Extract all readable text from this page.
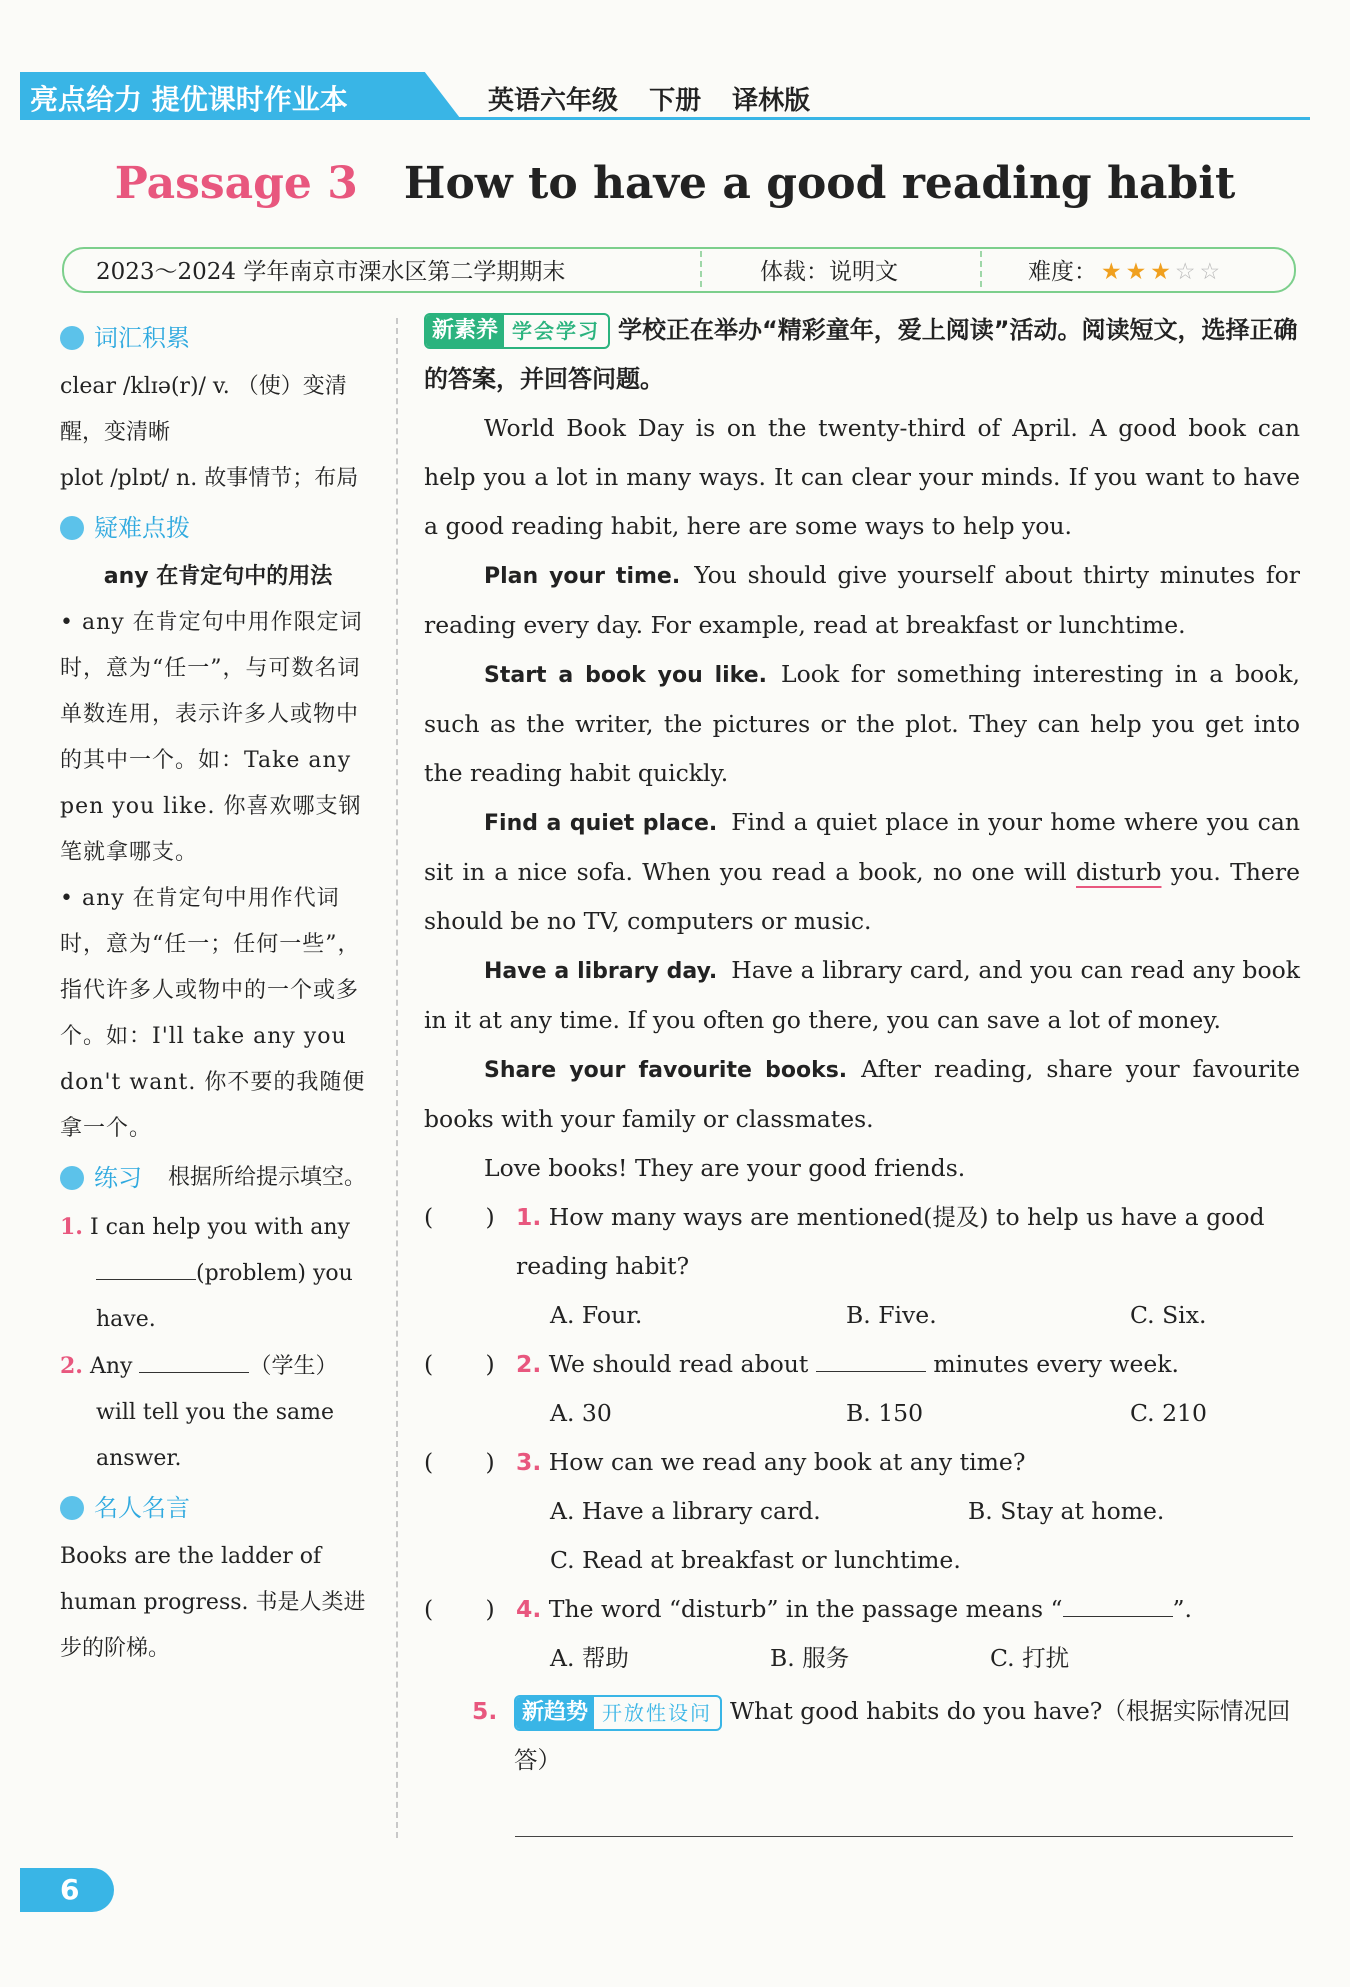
亮点给力 提优课时作业本	英语六年级 下册 译林版
Passage 3 How to have a good reading habit
2023～2024 学年南京市溧水区第二学期期末	体裁：说明文	难度： ★ ★ ★ ☆ ☆
词汇积累
clear /klɪə(r)/ v. （使）变清醒，变清晰
plot /plɒt/ n. 故事情节；布局
疑难点拨
any 在肯定句中的用法
• any 在肯定句中用作限定词时，意为“任一”，与可数名词单数连用，表示许多人或物中的其中一个。如：Take any pen you like. 你喜欢哪支钢笔就拿哪支。
• any 在肯定句中用作代词时，意为“任一；任何一些”，指代许多人或物中的一个或多个。如：I'll take any you don't want. 你不要的我随便拿一个。
练习 根据所给提示填空。
1. I can help you with any (problem) you have.
2. Any	（学生） will tell you the same answer.
名人名言
Books are the ladder of human progress. 书是人类进步的阶梯。
新素养 学会学习 学校正在举办“精彩童年，爱上阅读”活动。阅读短文，选择正确的答案，并回答问题。

World Book Day is on the twenty-third of April. A good book can help you a lot in many ways. It can clear your minds. If you want to have a good reading habit, here are some ways to help you.

Plan your time. You should give yourself about thirty minutes for reading every day. For example, read at breakfast or lunchtime.

Start a book you like. Look for something interesting in a book, such as the writer, the pictures or the plot. They can help you get into the reading habit quickly.

Find a quiet place. Find a quiet place in your home where you can sit in a nice sofa. When you read a book, no one will disturb you. There should be no TV, computers or music.

Have a library day. Have a library card, and you can read any book in it at any time. If you often go there, you can save a lot of money.

Share your favourite books. After reading, share your favourite books with your family or classmates.

Love books! They are your good friends.

(       ) 1. How many ways are mentioned(提及) to help us have a good reading habit?
A. Four.	B. Five.	C. Six.
(       ) 2. We should read about	minutes every week.
A. 30	B. 150	C. 210
(       ) 3. How can we read any book at any time?
A. Have a library card.	B. Stay at home.
C. Read at breakfast or lunchtime.
(       ) 4. The word “disturb” in the passage means “	”.
A. 帮助	B. 服务	C. 打扰
5.	新趋势 开放性设问 What good habits do you have?（根据实际情况回答）
6
